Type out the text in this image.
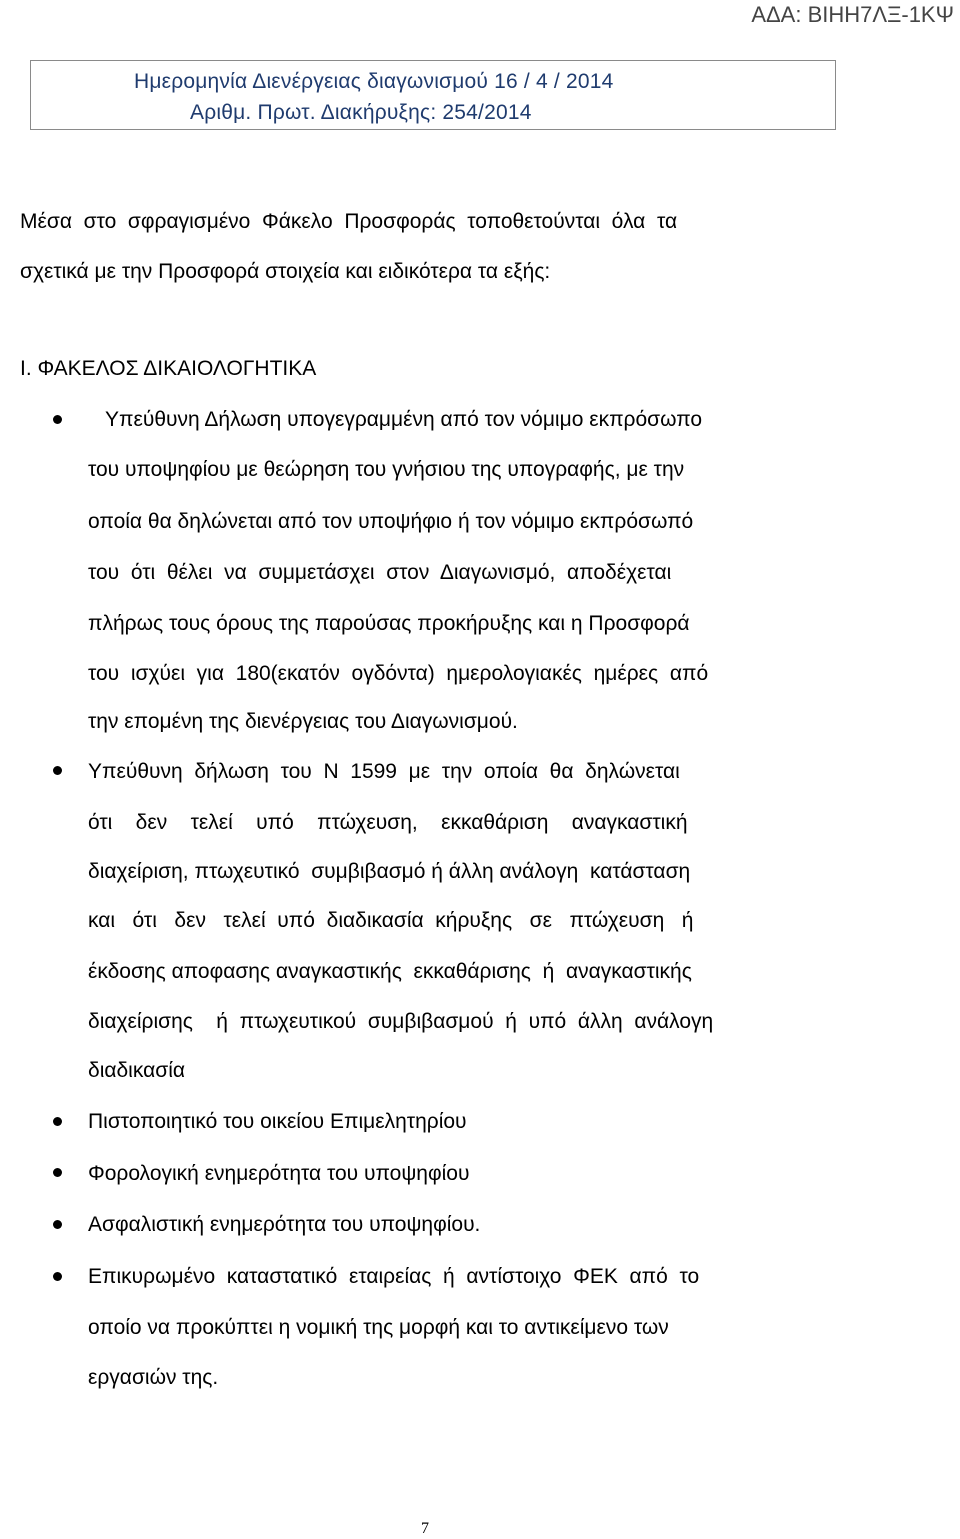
ΑΔΑ: ΒΙΗΗ7ΛΞ-1ΚΨ
Ημερομηνία Διενέργειας διαγωνισμού 16 / 4 / 2014
Αριθμ. Πρωτ. Διακήρυξης: 254/2014
Μέσα  στο  σφραγισμένο  Φάκελο  Προσφοράς  τοποθετούνται  όλα  τα
σχετικά με την Προσφορά στοιχεία και ειδικότερα τα εξής:
Ι. ΦΑΚΕΛΟΣ ΔΙΚΑΙΟΛΟΓΗΤΙΚΑ
Υπεύθυνη Δήλωση υπογεγραμμένη από τον νόμιμο εκπρόσωπο
του υποψηφίου με θεώρηση του γνήσιου της υπογραφής, με την
οποία θα δηλώνεται από τον υποψήφιο ή τον νόμιμο εκπρόσωπό
του  ότι  θέλει  να  συμμετάσχει  στον  Διαγωνισμό,  αποδέχεται
πλήρως τους όρους της παρούσας προκήρυξης και η Προσφορά
του  ισχύει  για  180(εκατόν  ογδόντα)  ημερολογιακές  ημέρες  από
την επομένη της διενέργειας του Διαγωνισμού.
Υπεύθυνη  δήλωση  του  Ν  1599  με  την  οποία  θα  δηλώνεται
ότι    δεν    τελεί    υπό    πτώχευση,    εκκαθάριση    αναγκαστική
διαχείριση, πτωχευτικό  συμβιβασμό ή άλλη ανάλογη  κατάσταση
και   ότι   δεν   τελεί  υπό  διαδικασία  κήρυξης   σε   πτώχευση   ή
έκδοσης αποφασης αναγκαστικής  εκκαθάρισης  ή  αναγκαστικής
διαχείρισης    ή  πτωχευτικού  συμβιβασμού  ή  υπό  άλλη  ανάλογη
διαδικασία
Πιστοποιητικό του οικείου Επιμελητηρίου
Φορολογική ενημερότητα του υποψηφίου
Ασφαλιστική ενημερότητα του υποψηφίου.
Επικυρωμένο  καταστατικό  εταιρείας  ή  αντίστοιχο  ΦΕΚ  από  το
οποίο να προκύπτει η νομική της μορφή και το αντικείμενο των
εργασιών της.
7
